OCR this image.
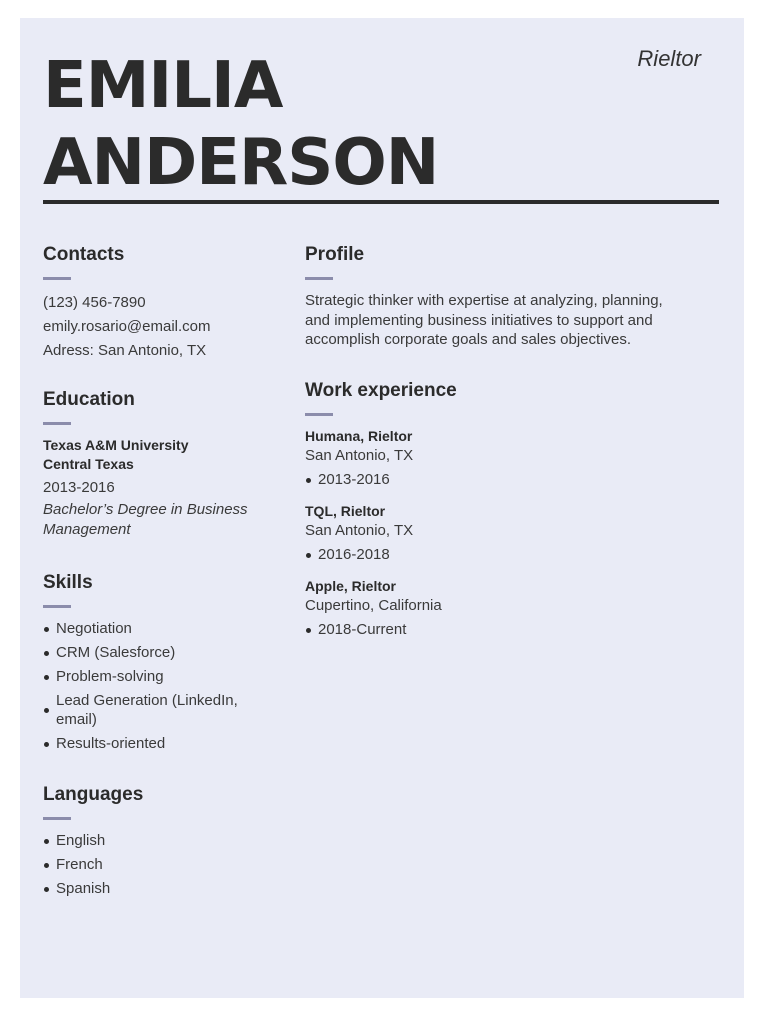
EMILIA
ANDERSON
Rieltor
Contacts
(123) 456-7890
emily.rosario@email.com
Adress: San Antonio, TX
Education
Texas A&M University
Central Texas
2013-2016
Bachelor’s Degree in Business Management
Skills
Negotiation
CRM (Salesforce)
Problem-solving
Lead Generation (LinkedIn, email)
Results-oriented
Languages
English
French
Spanish
Profile

Strategic thinker with expertise at analyzing, planning, and implementing business initiatives to support and accomplish corporate goals and sales objectives.

Work experience
Humana, Rieltor
San Antonio, TX
2013-2016
TQL, Rieltor
San Antonio, TX
2016-2018
Apple, Rieltor
Cupertino, California
2018-Current
